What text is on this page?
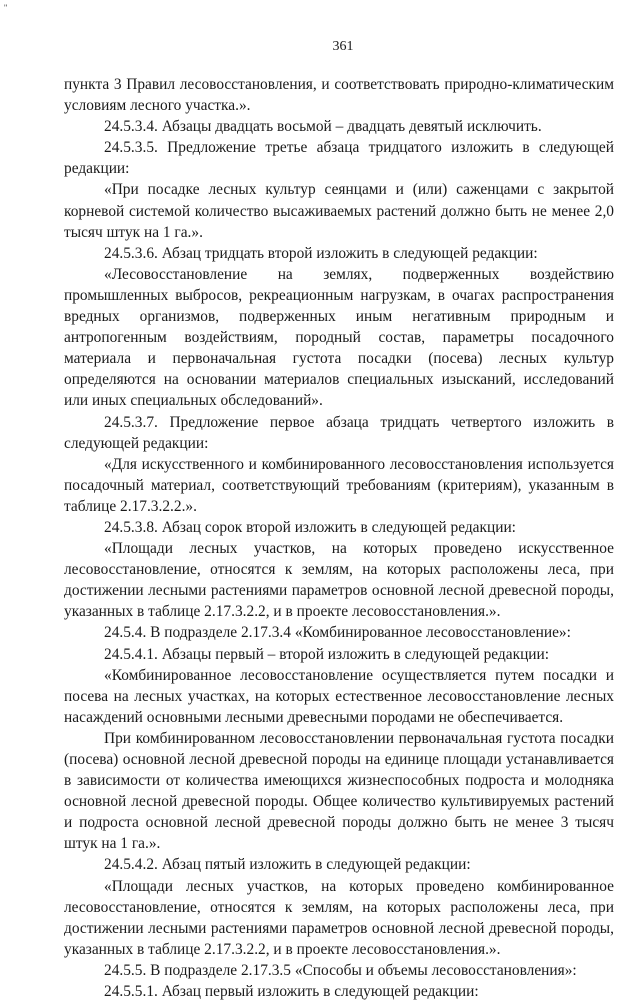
"
361

пункта 3 Правил лесовосстановления, и соответствовать природно-климатическим условиям лесного участка.».

24.5.3.4. Абзацы двадцать восьмой – двадцать девятый исключить.

24.5.3.5. Предложение третье абзаца тридцатого изложить в следующей редакции:

«При посадке лесных культур сеянцами и (или) саженцами с закрытой корневой системой количество высаживаемых растений должно быть не менее 2,0 тысяч штук на 1 га.».

24.5.3.6. Абзац тридцать второй изложить в следующей редакции:

«Лесовосстановление на землях, подверженных воздействию промышленных выбросов, рекреационным нагрузкам, в очагах распространения вредных организмов, подверженных иным негативным природным и антропогенным воздействиям, породный состав, параметры посадочного материала и первоначальная густота посадки (посева) лесных культур определяются на основании материалов специальных изысканий, исследований или иных специальных обследований».

24.5.3.7. Предложение первое абзаца тридцать четвертого изложить в следующей редакции:

«Для искусственного и комбинированного лесовосстановления используется посадочный материал, соответствующий требованиям (критериям), указанным в таблице 2.17.3.2.2.».

24.5.3.8. Абзац сорок второй изложить в следующей редакции:

«Площади лесных участков, на которых проведено искусственное лесовосстановление, относятся к землям, на которых расположены леса, при достижении лесными растениями параметров основной лесной древесной породы, указанных в таблице 2.17.3.2.2, и в проекте лесовосстановления.».

24.5.4. В подразделе 2.17.3.4 «Комбинированное лесовосстановление»:

24.5.4.1. Абзацы первый – второй изложить в следующей редакции:

«Комбинированное лесовосстановление осуществляется путем посадки и посева на лесных участках, на которых естественное лесовосстановление лесных насаждений основными лесными древесными породами не обеспечивается.

При комбинированном лесовосстановлении первоначальная густота посадки (посева) основной лесной древесной породы на единице площади устанавливается в зависимости от количества имеющихся жизнеспособных подроста и молодняка основной лесной древесной породы. Общее количество культивируемых растений и подроста основной лесной древесной породы должно быть не менее 3 тысяч штук на 1 га.».

24.5.4.2. Абзац пятый изложить в следующей редакции:

«Площади лесных участков, на которых проведено комбинированное лесовосстановление, относятся к землям, на которых расположены леса, при достижении лесными растениями параметров основной лесной древесной породы, указанных в таблице 2.17.3.2.2, и в проекте лесовосстановления.».

24.5.5. В подразделе 2.17.3.5 «Способы и объемы лесовосстановления»:

24.5.5.1. Абзац первый изложить в следующей редакции:
